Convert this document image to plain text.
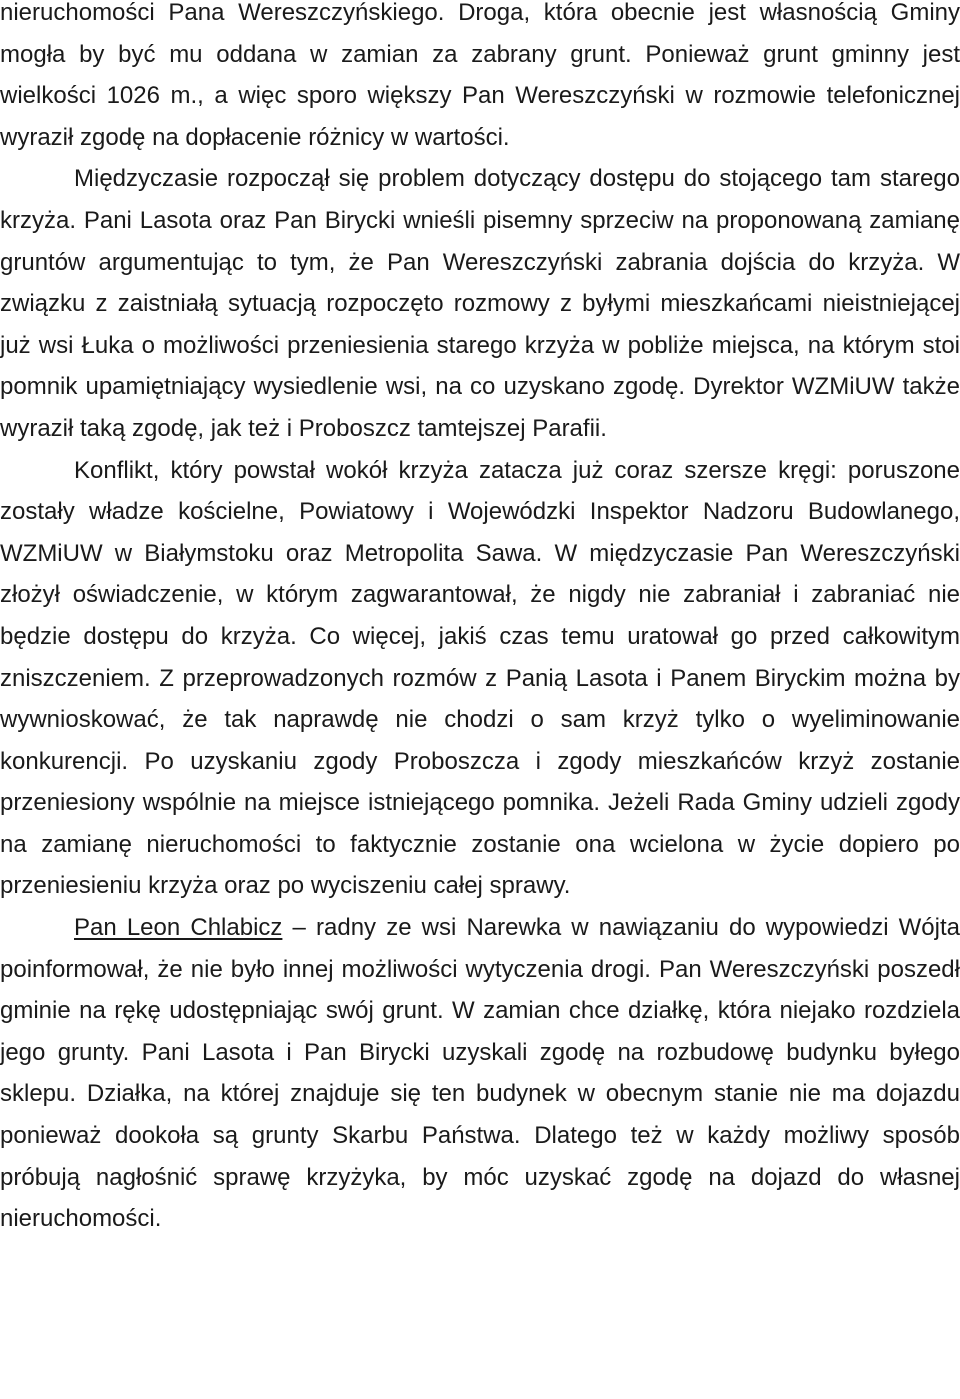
nieruchomości Pana Wereszczyńskiego. Droga, która obecnie jest własnością Gminy mogła by być mu oddana w zamian za zabrany grunt. Ponieważ grunt gminny jest wielkości 1026 m., a więc sporo większy Pan Wereszczyński w rozmowie telefonicznej wyraził zgodę na dopłacenie różnicy w wartości.

Międzyczasie rozpoczął się problem dotyczący dostępu do stojącego tam starego krzyża. Pani Lasota oraz Pan Birycki wnieśli pisemny sprzeciw na proponowaną zamianę gruntów argumentując to tym, że Pan Wereszczyński zabrania dojścia do krzyża. W związku z zaistniałą sytuacją rozpoczęto rozmowy z byłymi mieszkańcami nieistniejącej już wsi Łuka o możliwości przeniesienia starego krzyża w pobliże miejsca, na którym stoi pomnik upamiętniający wysiedlenie wsi, na co uzyskano zgodę. Dyrektor WZMiUW także wyraził taką zgodę, jak też i Proboszcz tamtejszej Parafii.

Konflikt, który powstał wokół krzyża zatacza już coraz szersze kręgi: poruszone zostały władze kościelne, Powiatowy i Wojewódzki Inspektor Nadzoru Budowlanego, WZMiUW w Białymstoku oraz Metropolita Sawa. W międzyczasie Pan Wereszczyński złożył oświadczenie, w którym zagwarantował, że nigdy nie zabraniał i zabraniać nie będzie dostępu do krzyża. Co więcej, jakiś czas temu uratował go przed całkowitym zniszczeniem. Z przeprowadzonych rozmów z Panią Lasota i Panem Biryckim można by wywnioskować, że tak naprawdę nie chodzi o sam krzyż tylko o wyeliminowanie konkurencji. Po uzyskaniu zgody Proboszcza i zgody mieszkańców krzyż zostanie przeniesiony wspólnie na miejsce istniejącego pomnika. Jeżeli Rada Gminy udzieli zgody na zamianę nieruchomości to faktycznie zostanie ona wcielona w życie dopiero po przeniesieniu krzyża oraz po wyciszeniu całej sprawy.

Pan Leon Chlabicz – radny ze wsi Narewka w nawiązaniu do wypowiedzi Wójta poinformował, że nie było innej możliwości wytyczenia drogi. Pan Wereszczyński poszedł gminie na rękę udostępniając swój grunt. W zamian chce działkę, która niejako rozdziela jego grunty. Pani Lasota i Pan Birycki uzyskali zgodę na rozbudowę budynku byłego sklepu. Działka, na której znajduje się ten budynek w obecnym stanie nie ma dojazdu ponieważ dookoła są grunty Skarbu Państwa. Dlatego też w każdy możliwy sposób próbują nagłośnić sprawę krzyżyka, by móc uzyskać zgodę na dojazd do własnej nieruchomości.
